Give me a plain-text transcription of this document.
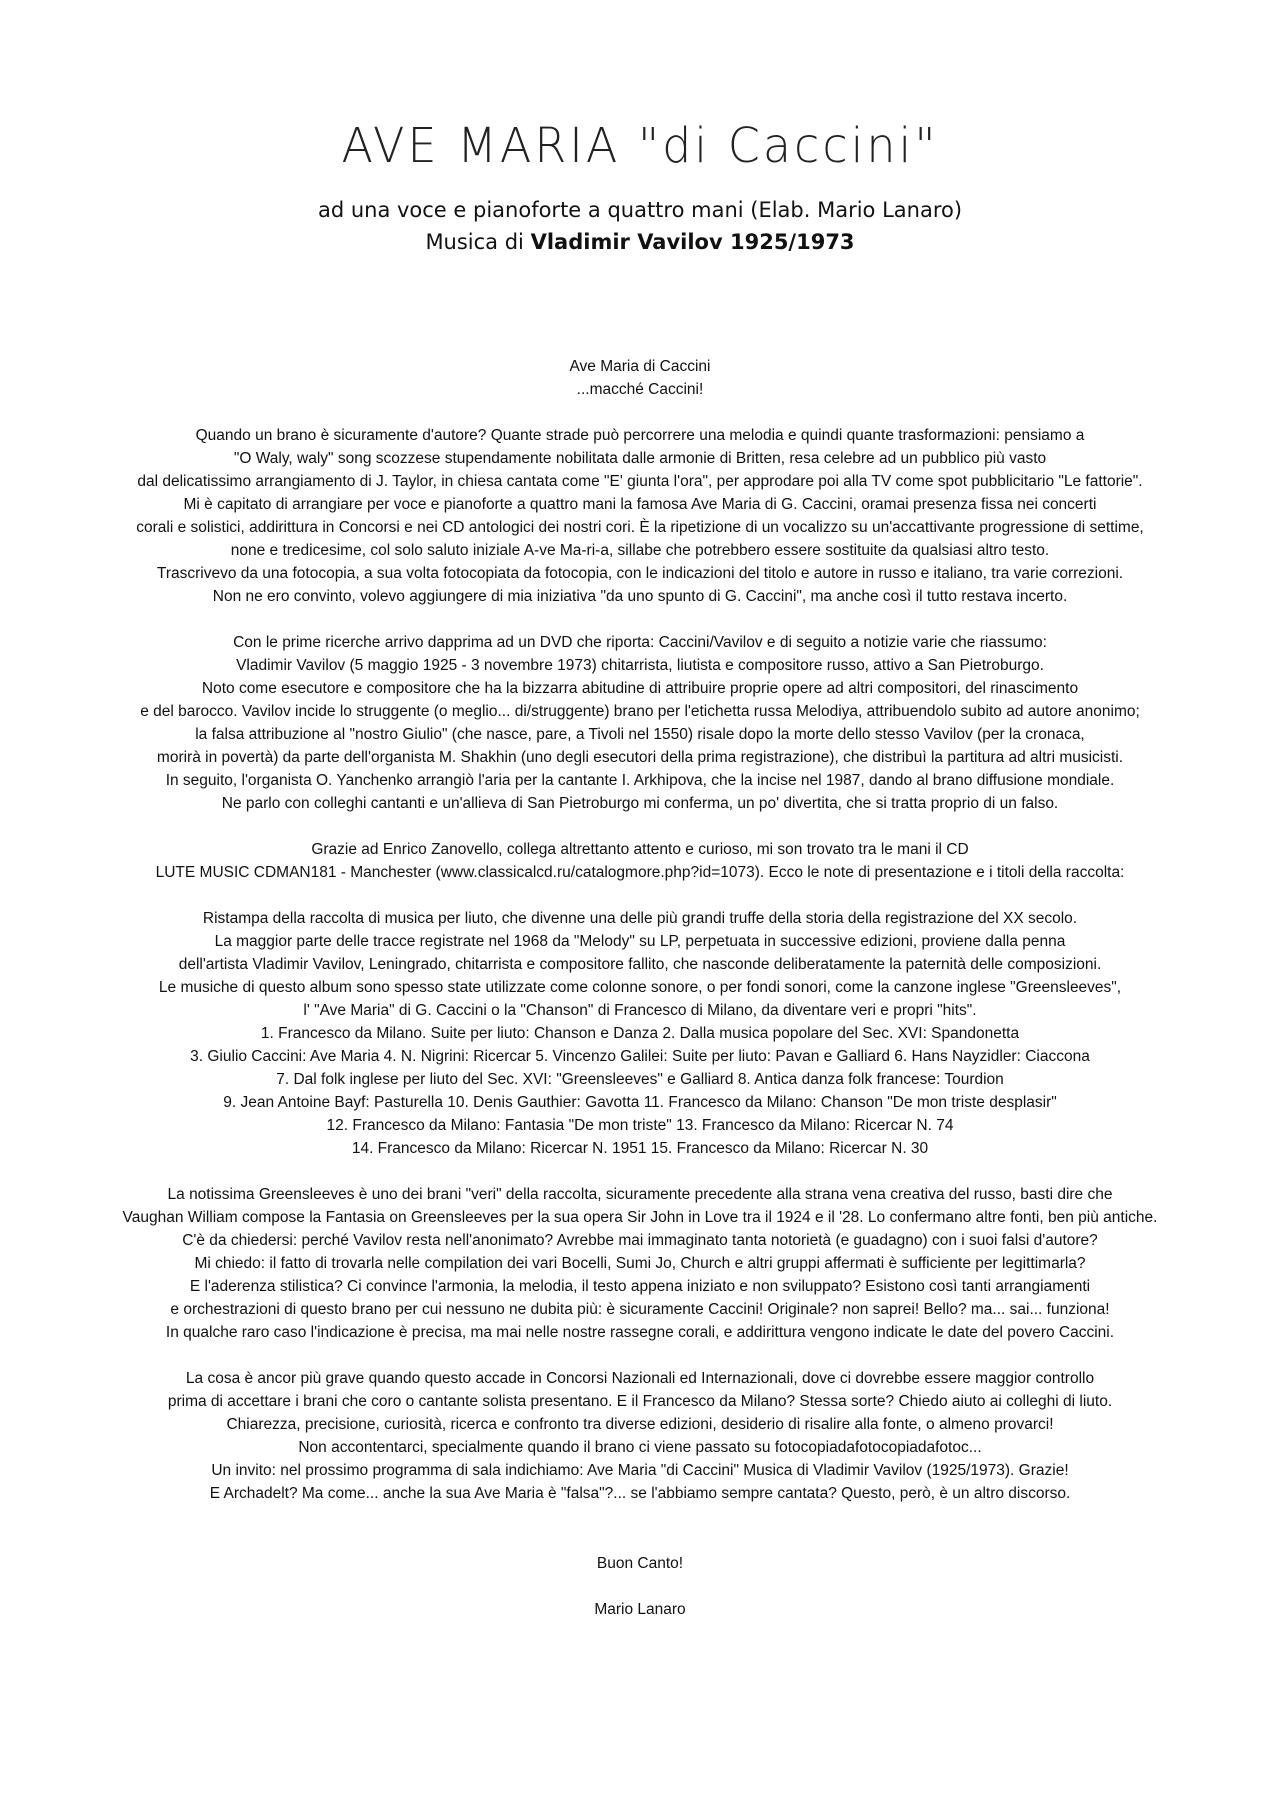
AVE MARIA "di Caccini"
ad una voce e pianoforte a quattro mani (Elab. Mario Lanaro)
Musica di Vladimir Vavilov 1925/1973

Ave Maria di Caccini

...macché Caccini!

Quando un brano è sicuramente d'autore? Quante strade può percorrere una melodia e quindi quante trasformazioni: pensiamo a

"O Waly, waly" song scozzese stupendamente nobilitata dalle armonie di Britten, resa celebre ad un pubblico più vasto

dal delicatissimo arrangiamento di J. Taylor, in chiesa cantata come "E' giunta l'ora", per approdare poi alla TV come spot pubblicitario "Le fattorie".

Mi è capitato di arrangiare per voce e pianoforte a quattro mani la famosa Ave Maria di G. Caccini, oramai presenza fissa nei concerti

corali e solistici, addirittura in Concorsi e nei CD antologici dei nostri cori. È la ripetizione di un vocalizzo su un'accattivante progressione di settime,

none e tredicesime, col solo saluto iniziale A-ve Ma-ri-a, sillabe che potrebbero essere sostituite da qualsiasi altro testo.

Trascrivevo da una fotocopia, a sua volta fotocopiata da fotocopia, con le indicazioni del titolo e autore in russo e italiano, tra varie correzioni.

Non ne ero convinto, volevo aggiungere di mia iniziativa "da uno spunto di G. Caccini", ma anche così il tutto restava incerto.

Con le prime ricerche arrivo dapprima ad un DVD che riporta: Caccini/Vavilov e di seguito a notizie varie che riassumo:

Vladimir Vavilov (5 maggio 1925 - 3 novembre 1973) chitarrista, liutista e compositore russo, attivo a San Pietroburgo.

Noto come esecutore e compositore che ha la bizzarra abitudine di attribuire proprie opere ad altri compositori, del rinascimento

e del barocco. Vavilov incide lo struggente (o meglio... di/struggente) brano per l'etichetta russa Melodiya, attribuendolo subito ad autore anonimo;

la falsa attribuzione al "nostro Giulio" (che nasce, pare, a Tivoli nel 1550) risale dopo la morte dello stesso Vavilov (per la cronaca,

morirà in povertà) da parte dell'organista M. Shakhin (uno degli esecutori della prima registrazione), che distribuì la partitura ad altri musicisti.

In seguito, l'organista O. Yanchenko arrangiò l'aria per la cantante I. Arkhipova, che la incise nel 1987, dando al brano diffusione mondiale.

Ne parlo con colleghi cantanti e un'allieva di San Pietroburgo mi conferma, un po' divertita, che si tratta proprio di un falso.

Grazie ad Enrico Zanovello, collega altrettanto attento e curioso, mi son trovato tra le mani il CD

LUTE MUSIC CDMAN181 - Manchester (www.classicalcd.ru/catalogmore.php?id=1073). Ecco le note di presentazione e i titoli della raccolta:

Ristampa della raccolta di musica per liuto, che divenne una delle più grandi truffe della storia della registrazione del XX secolo.

La maggior parte delle tracce registrate nel 1968 da "Melody" su LP, perpetuata in successive edizioni, proviene dalla penna

dell'artista Vladimir Vavilov, Leningrado, chitarrista e compositore fallito, che nasconde deliberatamente la paternità delle composizioni.

Le musiche di questo album sono spesso state utilizzate come colonne sonore, o per fondi sonori, come la canzone inglese "Greensleeves",

l' "Ave Maria" di G. Caccini o la "Chanson" di Francesco di Milano, da diventare veri e propri "hits".

1. Francesco da Milano. Suite per liuto: Chanson e Danza 2. Dalla musica popolare del Sec. XVI: Spandonetta

3. Giulio Caccini: Ave Maria 4. N. Nigrini: Ricercar 5. Vincenzo Galilei: Suite per liuto: Pavan e Galliard 6. Hans Nayzidler: Ciaccona

7. Dal folk inglese per liuto del Sec. XVI: "Greensleeves" e Galliard 8. Antica danza folk francese: Tourdion

9. Jean Antoine Bayf: Pasturella 10. Denis Gauthier: Gavotta 11. Francesco da Milano: Chanson "De mon triste desplasir"

12. Francesco da Milano: Fantasia "De mon triste" 13. Francesco da Milano: Ricercar N. 74

14. Francesco da Milano: Ricercar N. 1951 15. Francesco da Milano: Ricercar N. 30

La notissima Greensleeves è uno dei brani "veri" della raccolta, sicuramente precedente alla strana vena creativa del russo, basti dire che

Vaughan William compose la Fantasia on Greensleeves per la sua opera Sir John in Love tra il 1924 e il '28. Lo confermano altre fonti, ben più antiche.

C'è da chiedersi: perché Vavilov resta nell'anonimato? Avrebbe mai immaginato tanta notorietà (e guadagno) con i suoi falsi d'autore?

Mi chiedo: il fatto di trovarla nelle compilation dei vari Bocelli, Sumi Jo, Church e altri gruppi affermati è sufficiente per legittimarla?

E l'aderenza stilistica? Ci convince l'armonia, la melodia, il testo appena iniziato e non sviluppato? Esistono così tanti arrangiamenti

e orchestrazioni di questo brano per cui nessuno ne dubita più: è sicuramente Caccini! Originale? non saprei! Bello? ma... sai... funziona!

In qualche raro caso l'indicazione è precisa, ma mai nelle nostre rassegne corali, e addirittura vengono indicate le date del povero Caccini.

La cosa è ancor più grave quando questo accade in Concorsi Nazionali ed Internazionali, dove ci dovrebbe essere maggior controllo

prima di accettare i brani che coro o cantante solista presentano. E il Francesco da Milano? Stessa sorte? Chiedo aiuto ai colleghi di liuto.

Chiarezza, precisione, curiosità, ricerca e confronto tra diverse edizioni, desiderio di risalire alla fonte, o almeno provarci!

Non accontentarci, specialmente quando il brano ci viene passato su fotocopiadafotocopiadafotoc...

Un invito: nel prossimo programma di sala indichiamo: Ave Maria "di Caccini" Musica di Vladimir Vavilov (1925/1973). Grazie!

E Archadelt? Ma come... anche la sua Ave Maria è "falsa"?... se l'abbiamo sempre cantata? Questo, però, è un altro discorso.

Buon Canto!

Mario Lanaro
